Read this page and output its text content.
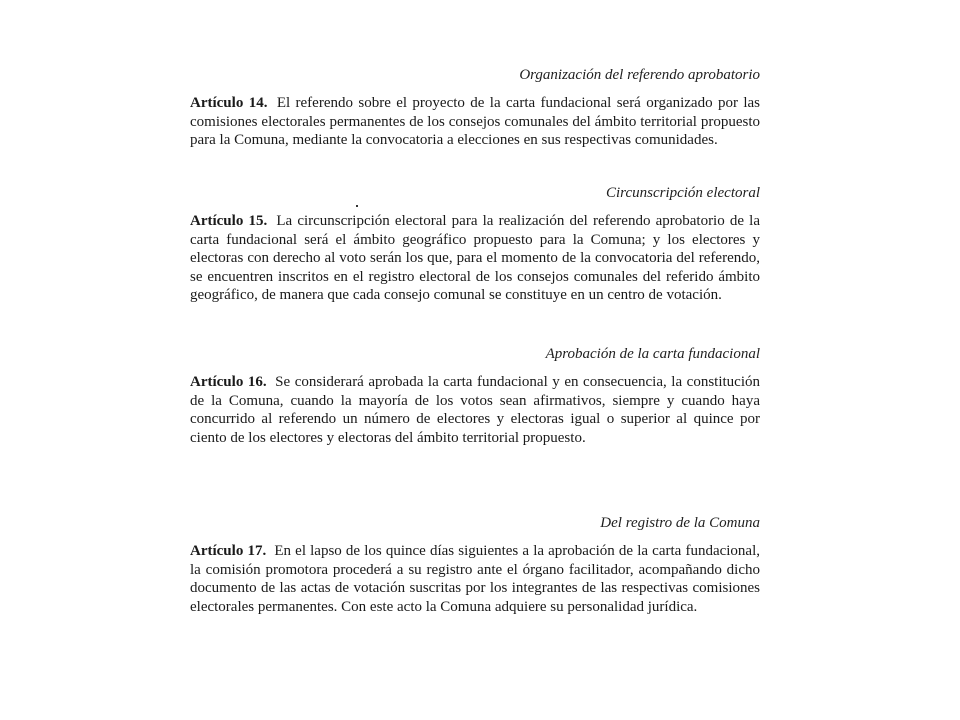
Organización del referendo aprobatorio

Artículo 14. El referendo sobre el proyecto de la carta fundacional será organizado por las comisiones electorales permanentes de los consejos comunales del ámbito territorial propuesto para la Comuna, mediante la convocatoria a elecciones en sus respectivas comunidades.

Circunscripción electoral

Artículo 15. La circunscripción electoral para la realización del referendo aprobatorio de la carta fundacional será el ámbito geográfico propuesto para la Comuna; y los electores y electoras con derecho al voto serán los que, para el momento de la convocatoria del referendo, se encuentren inscritos en el registro electoral de los consejos comunales del referido ámbito geográfico, de manera que cada consejo comunal se constituye en un centro de votación.

Aprobación de la carta fundacional

Artículo 16. Se considerará aprobada la carta fundacional y en consecuencia, la constitución de la Comuna, cuando la mayoría de los votos sean afirmativos, siempre y cuando haya concurrido al referendo un número de electores y electoras igual o superior al quince por ciento de los electores y electoras del ámbito territorial propuesto.

Del registro de la Comuna

Artículo 17. En el lapso de los quince días siguientes a la aprobación de la carta fundacional, la comisión promotora procederá a su registro ante el órgano facilitador, acompañando dicho documento de las actas de votación suscritas por los integrantes de las respectivas comisiones electorales permanentes. Con este acto la Comuna adquiere su personalidad jurídica.
